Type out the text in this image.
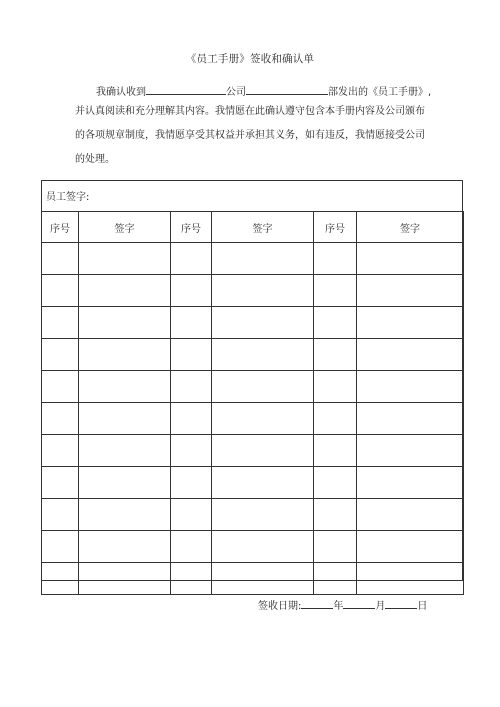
《员工手册》签收和确认单
我确认收到	公司	部发出的《员工手册》,
并认真阅读和充分理解其内容。我情愿在此确认遵守包含本手册内容及公司颁布
的各项规章制度，我情愿享受其权益并承担其义务，如有违反，我情愿接受公司
的处理。
员工签字:
序号	签字	序号	签字	序号	签字

签收日期:	年	月	日
